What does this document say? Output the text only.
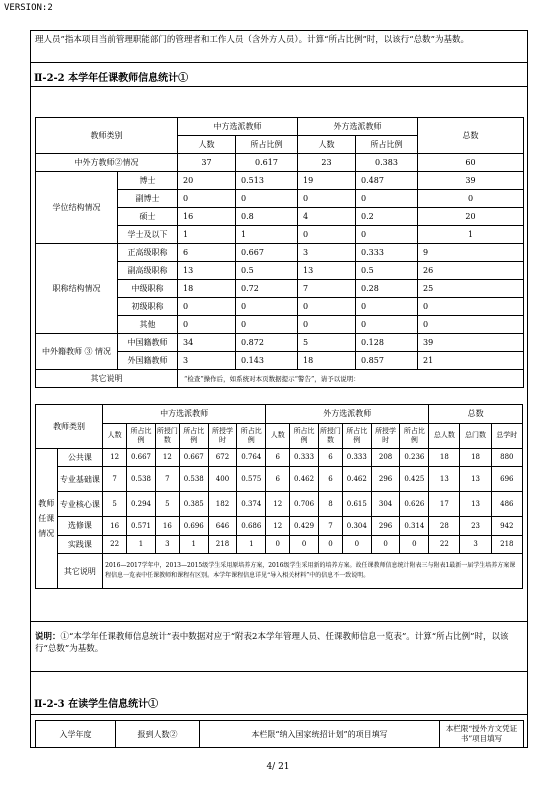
VERSION:2
理人员”指本项目当前管理职能部门的管理者和工作人员（含外方人员）。计算“所占比例”时，以该行“总数”为基数。
Ⅱ-2-2 本学年任课教师信息统计①
教师类别		中方选派教师		外方选派教师		总数
		人数	所占比例	人数	所占比例	
中外方教师②情况		37	0.617	23	0.383	60
学位结构情况	博士	20	0.513	19	0.487	39
	副博士	0	0	0	0	0
	硕士	16	0.8	4	0.2	20
	学士及以下	1	1	0	0	1
职称结构情况	正高级职称	6	0.667	3	0.333	9
	副高级职称	13	0.5	13	0.5	26
	中级职称	18	0.72	7	0.28	25
	初级职称	0	0	0	0	0
	其他	0	0	0	0	0
中外籍教师 ③ 情况	中国籍教师	34	0.872	5	0.128	39
	外国籍教师	3	0.143	18	0.857	21
其它说明		“检查”操作后，如系统对本页数据提示“警告”，请予以说明：				
教师类别		中方选派教师						外方选派教师						总数		
		人数	所占比例	所授门数	所占比例	所授学时	所占比例	人数	所占比例	所授门数	所占比例	所授学时	所占比例	总人数	总门数	总学时
教师任课情况	公共课	12	0.667	12	0.667	672	0.764	6	0.333	6	0.333	208	0.236	18	18	880
	专业基础课	7	0.538	7	0.538	400	0.575	6	0.462	6	0.462	296	0.425	13	13	696
	专业核心课	5	0.294	5	0.385	182	0.374	12	0.706	8	0.615	304	0.626	17	13	486
	选修课	16	0.571	16	0.696	646	0.686	12	0.429	7	0.304	296	0.314	28	23	942
	实践课	22	1	3	1	218	1	0	0	0	0	0	0	22	3	218
	其它说明	2016—2017学年中，2013—2015级学生采用原培养方案，2016级学生采用新的培养方案。故任课教师信息统计附表三与附表1最新一届学生培养方案课程信息一览表中任课教师和课程有区别。本学年课程信息详见“导入相关材料”中的信息不一致说明。														
说明：①“本学年任课教师信息统计”表中数据对应于“附表2本学年管理人员、任课教师信息一览表”。计算“所占比例”时，以该行“总数”为基数。
Ⅱ-2-3 在读学生信息统计①
入学年度	报到人数②	本栏限“纳入国家统招计划”的项目填写	本栏限“授外方文凭证书”项目填写
4/ 21
